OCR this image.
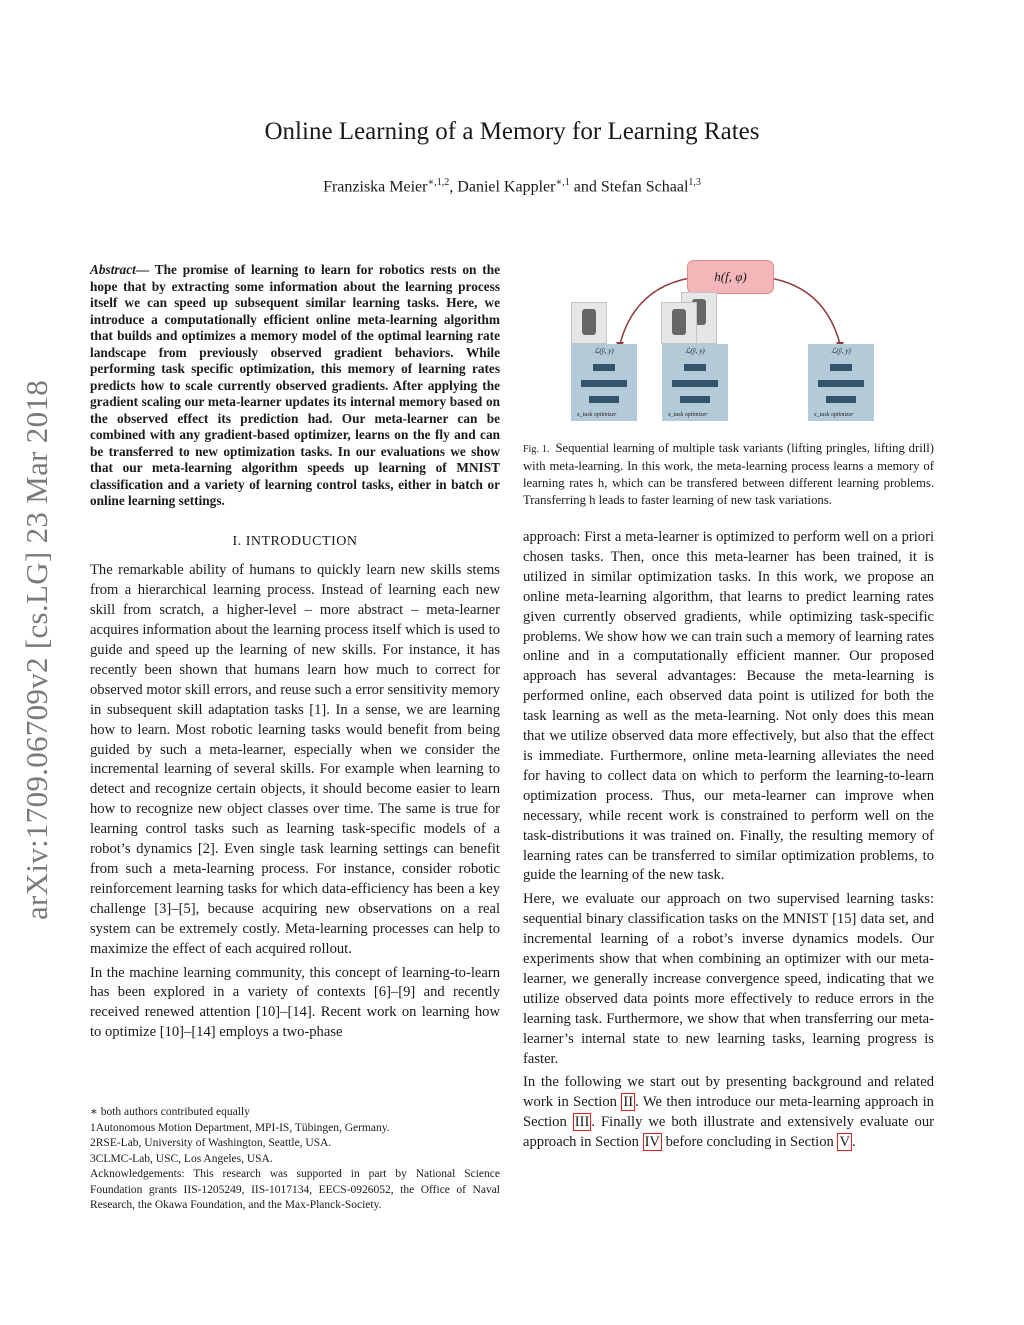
arXiv:1709.06709v2 [cs.LG] 23 Mar 2018
Online Learning of a Memory for Learning Rates
Franziska Meier$^{∗,1,2}$, Daniel Kappler$^{∗,1}$ and Stefan Schaal$^{1,3}$

Abstract— The promise of learning to learn for robotics rests on the hope that by extracting some information about the learning process itself we can speed up subsequent similar learning tasks. Here, we introduce a computationally efficient online meta-learning algorithm that builds and optimizes a memory model of the optimal learning rate landscape from previously observed gradient behaviors. While performing task specific optimization, this memory of learning rates predicts how to scale currently observed gradients. After applying the gradient scaling our meta-learner updates its internal memory based on the observed effect its prediction had. Our meta-learner can be combined with any gradient-based optimizer, learns on the fly and can be transferred to new optimization tasks. In our evaluations we show that our meta-learning algorithm speeds up learning of MNIST classification and a variety of learning control tasks, either in batch or online learning settings.

I. INTRODUCTION

The remarkable ability of humans to quickly learn new skills stems from a hierarchical learning process. Instead of learning each new skill from scratch, a higher-level – more abstract – meta-learner acquires information about the learning process itself which is used to guide and speed up the learning of new skills. For instance, it has recently been shown that humans learn how much to correct for observed motor skill errors, and reuse such a error sensitivity memory in subsequent skill adaptation tasks [1]. In a sense, we are learning how to learn. Most robotic learning tasks would benefit from being guided by such a meta-learner, especially when we consider the incremental learning of several skills. For example when learning to detect and recognize certain objects, it should become easier to learn how to recognize new object classes over time. The same is true for learning control tasks such as learning task-specific models of a robot’s dynamics [2]. Even single task learning settings can benefit from such a meta-learning process. For instance, consider robotic reinforcement learning tasks for which data-efficiency has been a key challenge [3]–[5], because acquiring new observations on a real system can be extremely costly. Meta-learning processes can help to maximize the effect of each acquired rollout.

In the machine learning community, this concept of learning-to-learn has been explored in a variety of contexts [6]–[9] and recently received renewed attention [10]–[14]. Recent work on learning how to optimize [10]–[14] employs a two-phase

∗ both authors contributed equally
1Autonomous Motion Department, MPI-IS, Tübingen, Germany.
2RSE-Lab, University of Washington, Seattle, USA.
3CLMC-Lab, USC, Los Angeles, USA.
Acknowledgements: This research was supported in part by National Science Foundation grants IIS-1205249, IIS-1017134, EECS-0926052, the Office of Naval Research, the Okawa Foundation, and the Max-Planck-Society.
h(f, φ)
ℒ(ŷ, y)
x_task optimizer
ℒ(ŷ, y)
x_task optimizer
ℒ(ŷ, y)
x_task optimizer
Fig. 1. Sequential learning of multiple task variants (lifting pringles, lifting drill) with meta-learning. In this work, the meta-learning process learns a memory of learning rates h, which can be transfered between different learning problems. Transferring h leads to faster learning of new task variations.

approach: First a meta-learner is optimized to perform well on a priori chosen tasks. Then, once this meta-learner has been trained, it is utilized in similar optimization tasks. In this work, we propose an online meta-learning algorithm, that learns to predict learning rates given currently observed gradients, while optimizing task-specific problems. We show how we can train such a memory of learning rates online and in a computationally efficient manner. Our proposed approach has several advantages: Because the meta-learning is performed online, each observed data point is utilized for both the task learning as well as the meta-learning. Not only does this mean that we utilize observed data more effectively, but also that the effect is immediate. Furthermore, online meta-learning alleviates the need for having to collect data on which to perform the learning-to-learn optimization process. Thus, our meta-learner can improve when necessary, while recent work is constrained to perform well on the task-distributions it was trained on. Finally, the resulting memory of learning rates can be transferred to similar optimization problems, to guide the learning of the new task.

Here, we evaluate our approach on two supervised learning tasks: sequential binary classification tasks on the MNIST [15] data set, and incremental learning of a robot’s inverse dynamics models. Our experiments show that when combining an optimizer with our meta-learner, we generally increase convergence speed, indicating that we utilize observed data points more effectively to reduce errors in the learning task. Furthermore, we show that when transferring our meta-learner’s internal state to new learning tasks, learning progress is faster.

In the following we start out by presenting background and related work in Section II . We then introduce our meta-learning approach in Section III . Finally we both illustrate and extensively evaluate our approach in Section IV before concluding in Section V .
